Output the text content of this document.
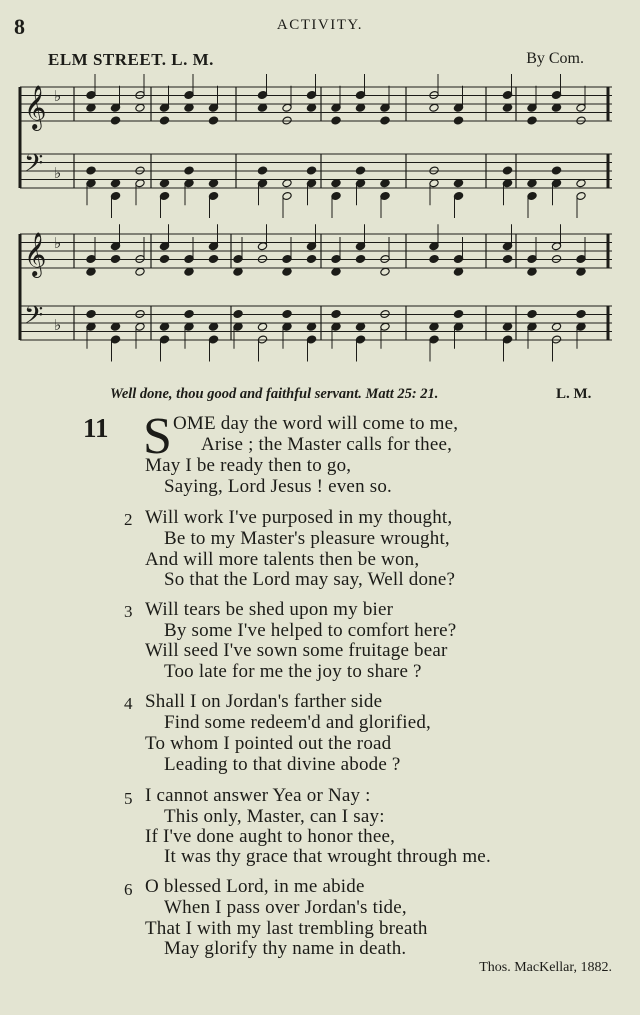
8	ACTIVITY.
ELM STREET. L. M.	By Com.
𝄞 ♭
𝄢 ♭
𝄞 ♭
𝄢 ♭
Well done, thou good and faithful servant. Matt 25: 21.	L. M.
11 S OME day the word will come to me,
Arise ; the Master calls for thee,
May I be ready then to go,
Saying, Lord Jesus ! even so.
2 Will work I've purposed in my thought,
Be to my Master's pleasure wrought,
And will more talents then be won,
So that the Lord may say, Well done?
3 Will tears be shed upon my bier
By some I've helped to comfort here?
Will seed I've sown some fruitage bear
Too late for me the joy to share ?
4 Shall I on Jordan's farther side
Find some redeem'd and glorified,
To whom I pointed out the road
Leading to that divine abode ?
5 I cannot answer Yea or Nay :
This only, Master, can I say:
If I've done aught to honor thee,
It was thy grace that wrought through me.
6 O blessed Lord, in me abide
When I pass over Jordan's tide,
That I with my last trembling breath
May glorify thy name in death.
Thos. MacKellar, 1882.
